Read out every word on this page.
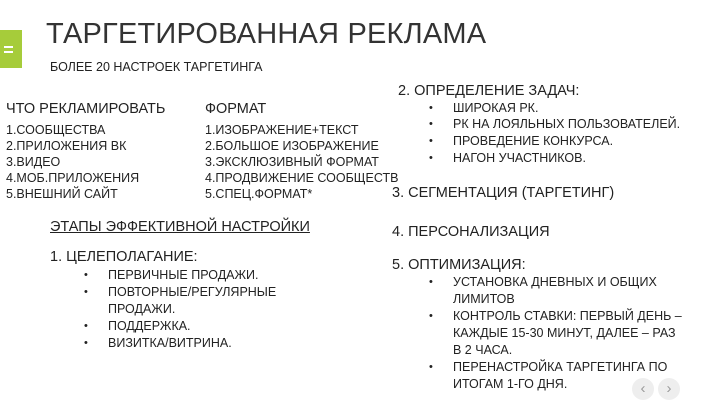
ТАРГЕТИРОВАННАЯ РЕКЛАМА
БОЛЕЕ 20 НАСТРОЕК ТАРГЕТИНГА
ЧТО РЕКЛАМИРОВАТЬ
1.СООБЩЕСТВА
2.ПРИЛОЖЕНИЯ ВК
3.ВИДЕО
4.МОБ.ПРИЛОЖЕНИЯ
5.ВНЕШНИЙ САЙТ
ФОРМАТ
1.ИЗОБРАЖЕНИЕ+ТЕКСТ
2.БОЛЬШОЕ ИЗОБРАЖЕНИЕ
3.ЭКСКЛЮЗИВНЫЙ ФОРМАТ
4.ПРОДВИЖЕНИЕ СООБЩЕСТВ
5.СПЕЦ.ФОРМАТ*
ЭТАПЫ ЭФФЕКТИВНОЙ НАСТРОЙКИ
1. ЦЕЛЕПОЛАГАНИЕ:
• ПЕРВИЧНЫЕ ПРОДАЖИ.
• ПОВТОРНЫЕ/РЕГУЛЯРНЫЕ
ПРОДАЖИ.
• ПОДДЕРЖКА.
• ВИЗИТКА/ВИТРИНА.
2. ОПРЕДЕЛЕНИЕ ЗАДАЧ:
• ШИРОКАЯ РК.
• РК НА ЛОЯЛЬНЫХ ПОЛЬЗОВАТЕЛЕЙ.
• ПРОВЕДЕНИЕ КОНКУРСА.
• НАГОН УЧАСТНИКОВ.
3. СЕГМЕНТАЦИЯ (ТАРГЕТИНГ)
4. ПЕРСОНАЛИЗАЦИЯ
5. ОПТИМИЗАЦИЯ:
• УСТАНОВКА ДНЕВНЫХ И ОБЩИХ
ЛИМИТОВ
• КОНТРОЛЬ СТАВКИ: ПЕРВЫЙ ДЕНЬ –
КАЖДЫЕ 15-30 МИНУТ, ДАЛЕЕ – РАЗ
В 2 ЧАСА.
• ПЕРЕНАСТРОЙКА ТАРГЕТИНГА ПО
ИТОГАМ 1-ГО ДНЯ.	‹	›
